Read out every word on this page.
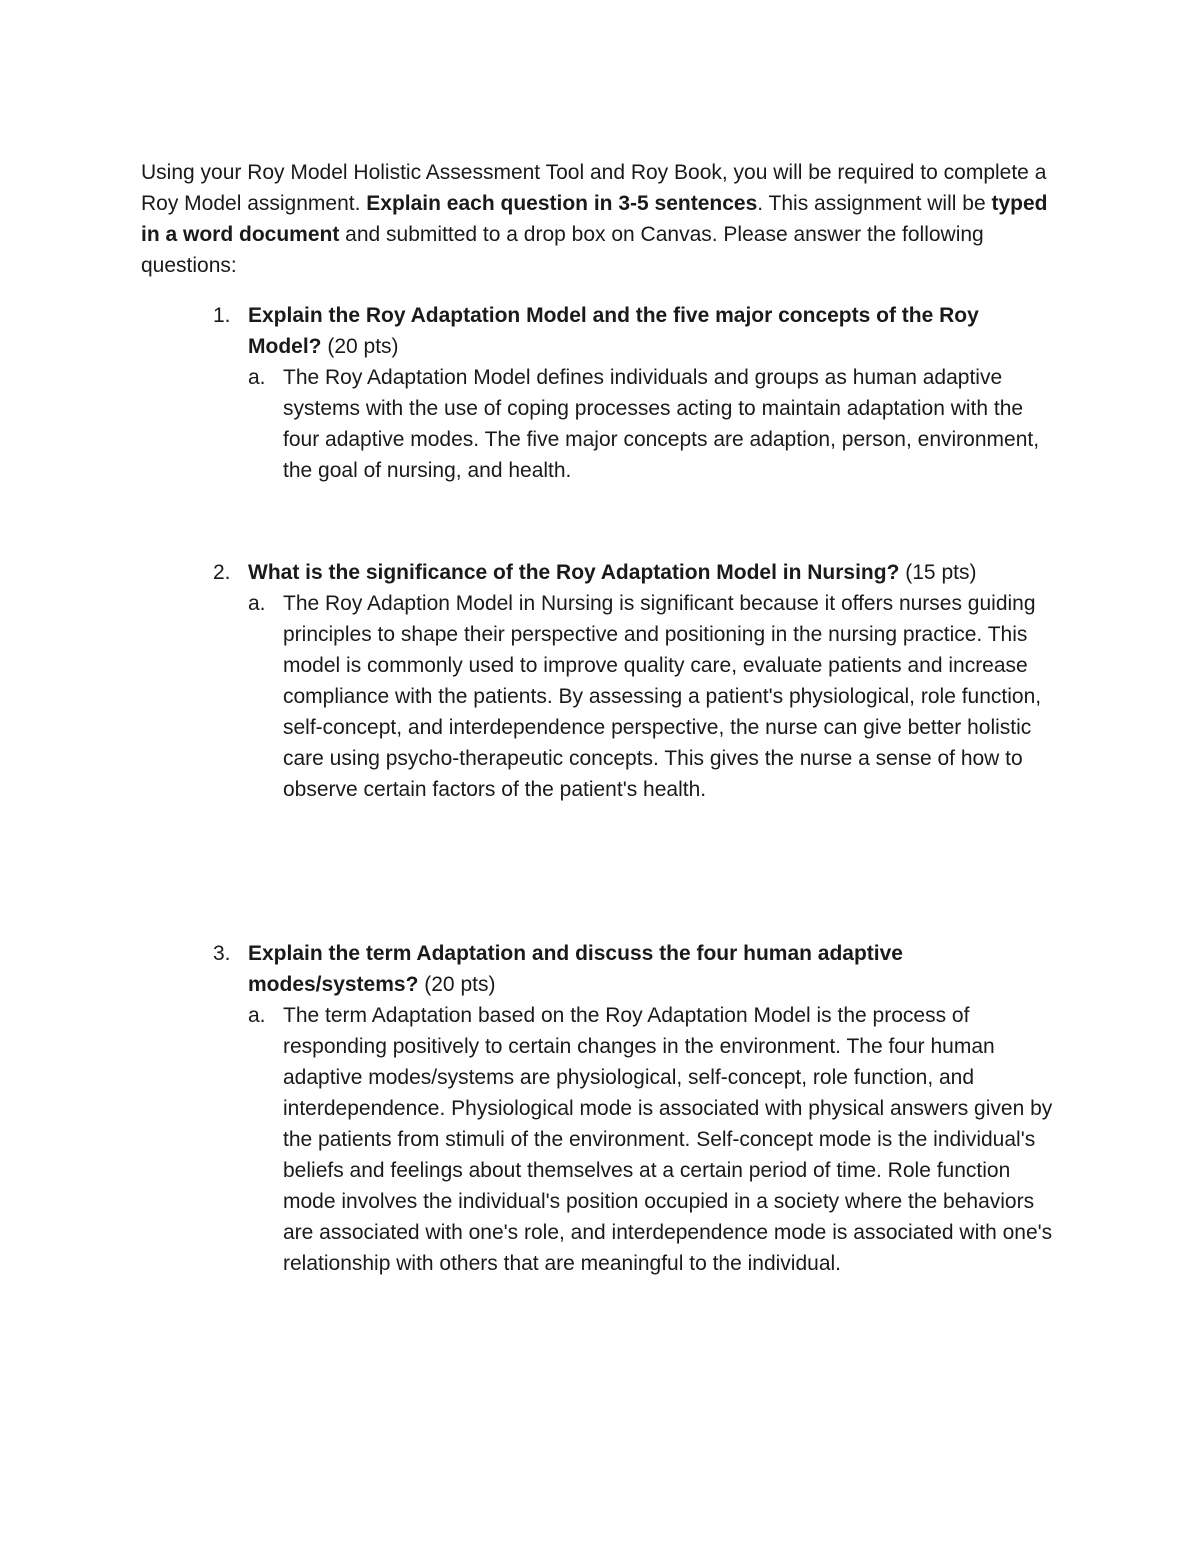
Using your Roy Model Holistic Assessment Tool and Roy Book, you will be required to complete a Roy Model assignment. Explain each question in 3-5 sentences. This assignment will be typed in a word document and submitted to a drop box on Canvas. Please answer the following questions:

1. Explain the Roy Adaptation Model and the five major concepts of the Roy Model? (20 pts)
a. The Roy Adaptation Model defines individuals and groups as human adaptive systems with the use of coping processes acting to maintain adaptation with the four adaptive modes. The five major concepts are adaption, person, environment, the goal of nursing, and health.
2. What is the significance of the Roy Adaptation Model in Nursing? (15 pts)
a. The Roy Adaption Model in Nursing is significant because it offers nurses guiding principles to shape their perspective and positioning in the nursing practice. This model is commonly used to improve quality care, evaluate patients and increase compliance with the patients. By assessing a patient's physiological, role function, self-concept, and interdependence perspective, the nurse can give better holistic care using psycho-therapeutic concepts. This gives the nurse a sense of how to observe certain factors of the patient's health.
3. Explain the term Adaptation and discuss the four human adaptive modes/systems? (20 pts)
a. The term Adaptation based on the Roy Adaptation Model is the process of responding positively to certain changes in the environment. The four human adaptive modes/systems are physiological, self-concept, role function, and interdependence. Physiological mode is associated with physical answers given by the patients from stimuli of the environment. Self-concept mode is the individual's beliefs and feelings about themselves at a certain period of time. Role function mode involves the individual's position occupied in a society where the behaviors are associated with one's role, and interdependence mode is associated with one's relationship with others that are meaningful to the individual.
